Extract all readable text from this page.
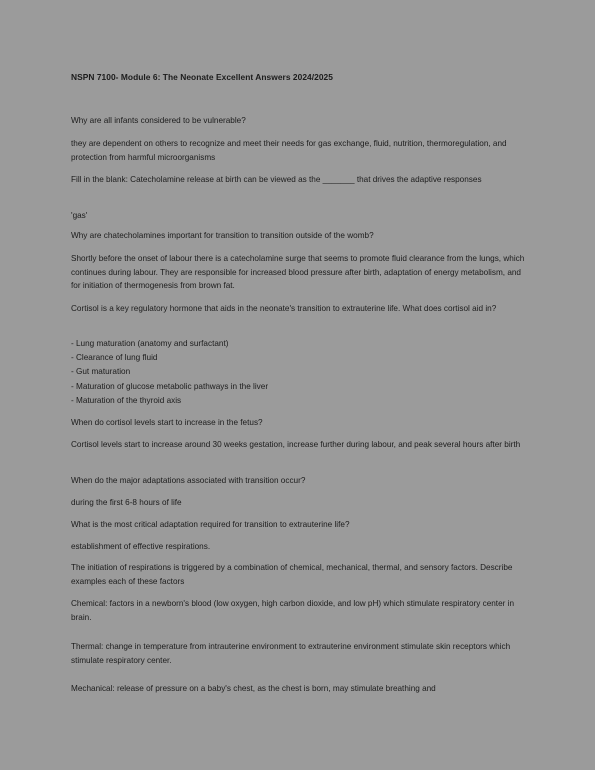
NSPN 7100- Module 6: The Neonate Excellent Answers 2024/2025
Why are all infants considered to be vulnerable?
they are dependent on others to recognize and meet their needs for gas exchange, fluid, nutrition, thermoregulation, and protection from harmful microorganisms
Fill in the blank: Catecholamine release at birth can be viewed as the _______ that drives the adaptive responses
'gas'
Why are chatecholamines important for transition to transition outside of the womb?
Shortly before the onset of labour there is a catecholamine surge that seems to promote fluid clearance from the lungs, which continues during labour. They are responsible for increased blood pressure after birth, adaptation of energy metabolism, and for initiation of thermogenesis from brown fat.
Cortisol is a key regulatory hormone that aids in the neonate's transition to extrauterine life. What does cortisol aid in?
- Lung maturation (anatomy and surfactant)
- Clearance of lung fluid
- Gut maturation
- Maturation of glucose metabolic pathways in the liver
- Maturation of the thyroid axis
When do cortisol levels start to increase in the fetus?
Cortisol levels start to increase around 30 weeks gestation, increase further during labour, and peak several hours after birth
When do the major adaptations associated with transition occur?
during the first 6-8 hours of life
What is the most critical adaptation required for transition to extrauterine life?
establishment of effective respirations.
The initiation of respirations is triggered by a combination of chemical, mechanical, thermal, and sensory factors. Describe examples each of these factors
Chemical: factors in a newborn's blood (low oxygen, high carbon dioxide, and low pH) which stimulate respiratory center in brain.
Thermal: change in temperature from intrauterine environment to extrauterine environment stimulate skin receptors which stimulate respiratory center.
Mechanical: release of pressure on a baby's chest, as the chest is born, may stimulate breathing and
